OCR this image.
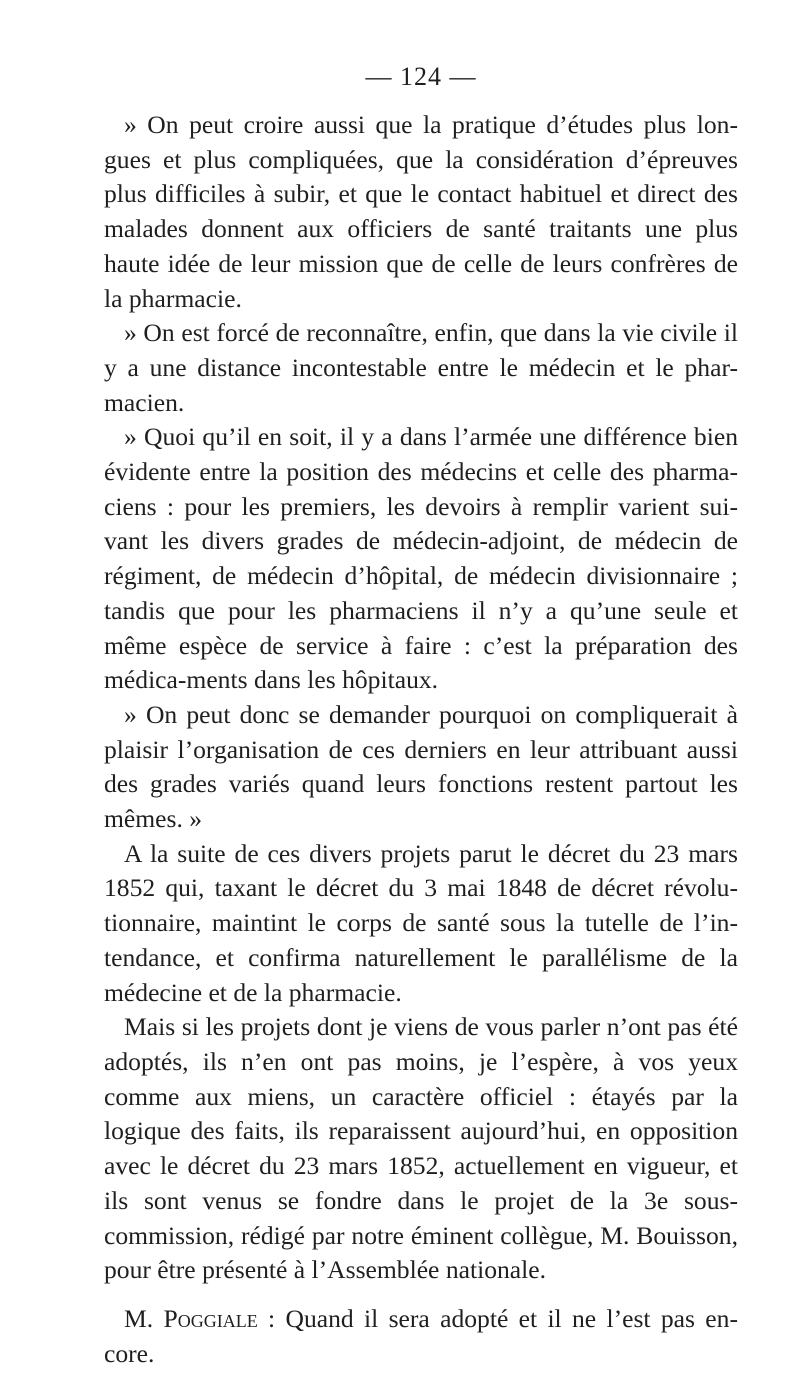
— 124 —

» On peut croire aussi que la pratique d’études plus lon-gues et plus compliquées, que la considération d’épreuves plus difficiles à subir, et que le contact habituel et direct des malades donnent aux officiers de santé traitants une plus haute idée de leur mission que de celle de leurs confrères de la pharmacie.

» On est forcé de reconnaître, enfin, que dans la vie civile il y a une distance incontestable entre le médecin et le phar-macien.

» Quoi qu’il en soit, il y a dans l’armée une différence bien évidente entre la position des médecins et celle des pharma-ciens : pour les premiers, les devoirs à remplir varient sui-vant les divers grades de médecin-adjoint, de médecin de régiment, de médecin d’hôpital, de médecin divisionnaire ; tandis que pour les pharmaciens il n’y a qu’une seule et même espèce de service à faire : c’est la préparation des médica-ments dans les hôpitaux.

» On peut donc se demander pourquoi on compliquerait à plaisir l’organisation de ces derniers en leur attribuant aussi des grades variés quand leurs fonctions restent partout les mêmes. »

A la suite de ces divers projets parut le décret du 23 mars 1852 qui, taxant le décret du 3 mai 1848 de décret révolu-tionnaire, maintint le corps de santé sous la tutelle de l’in-tendance, et confirma naturellement le parallélisme de la médecine et de la pharmacie.

Mais si les projets dont je viens de vous parler n’ont pas été adoptés, ils n’en ont pas moins, je l’espère, à vos yeux comme aux miens, un caractère officiel : étayés par la logique des faits, ils reparaissent aujourd’hui, en opposition avec le décret du 23 mars 1852, actuellement en vigueur, et ils sont venus se fondre dans le projet de la 3e sous-commission, rédigé par notre éminent collègue, M. Bouisson, pour être présenté à l’Assemblée nationale.

M. Poggiale : Quand il sera adopté et il ne l’est pas en-core.
